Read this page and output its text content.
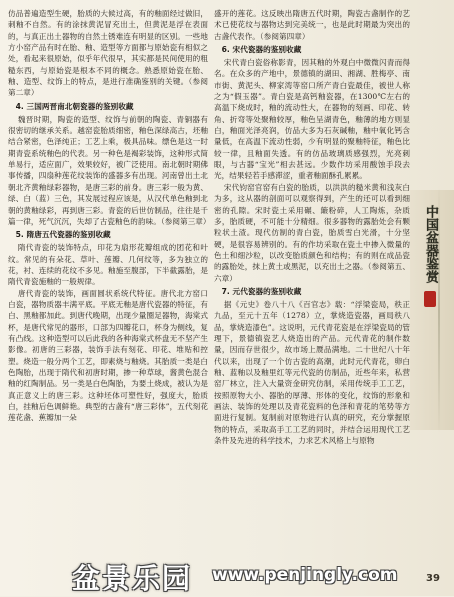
仿品普遍造型生硬，胎质的大候过高，有的釉面经过做旧，刺釉不自然。有的涂抹黄泥冒充出土，但黄泥是浮在表面的，与真正出土器物的自然土锈难连有明显的区别。一些地方小窑产品有时在胎、釉、造型等方面都与原始瓷有相似之处，看起来很原始，似乎年代很早，其实都是民间使用的粗糙东西，与原始瓷是根本不同的概念。熟悉原始瓷在胎、釉、造型、纹饰上的特点，是进行准确鉴别的关键。（参阅第二章）

4. 三国两晋南北朝瓷器的鉴别收藏

魏晋时期，陶瓷的造型、纹饰与前朝的陶瓷、青铜器有很密切的继承关系。越窑瓷胎质细密，釉色深绿高古，坯釉结合紧密，色泽纯正；工艺上乘，极具品味。缥色是这一时期青瓷系统釉色的代表。另一种色是褐彩装饰，这种形式简单易行，适应面广，效果较好，被广泛使用。南北朝时期佛事传播，四扇种莲花纹装饰的盛器多有出现。河南曾出土北朝北齐黄釉绿彩器物，是唐三彩的前身。唐三彩一般为黄、绿、白（蓝）三色，其发展过程应该是，从汉代单色釉到北朝的黄釉绿彩，再到唐三彩。青瓷的后世仿制品，往往是千篇一律，死气沉沉，失却了古瓷釉色的韵味。（参阅第三章）

5. 隋唐五代瓷器的鉴别收藏

隋代青瓷的装饰特点，印花为扇形花瓣组成的团花和叶纹。常见的有朵花、草叶、莲瓣、几何纹等，多为独立的花，衬、连续的花纹不多见。釉施至腹部，下半截露胎，是隋代青瓷施釉的一般规律。

唐代青瓷的装饰，画面圆状系统代特征。唐代北方窑口白瓷，器物质器丰满平底。平底无釉是唐代瓷器的特征，有白、黑釉都加此。到唐代晚期，出现少量圈足器物，海棠式杯，是唐代常见的器形，口部为四瓣花口，杯身为侧线，复有凸线。这种造型可以后此我的各种海棠式杯盘无不坚产生影像。初唐的三彩器，装饰手法有刻花、印花、堆贴和控塑。烧造一般分两个工艺，即素烧与釉烧。其胎质一类是白色陶胎，出现于隋代和初唐时期，掺一种草球，酱黄色混合釉的红陶制品。另一类是白色陶胎，为要土烧成，被认为是真正意义上的唐三彩。这种坯体可塑性好，强度大，胎质白，挂釉后色调鲜艳。典型的古盏有“唐三彩体”，五代刻花莲花盏、蕉瓣加一朵

盛开的莲花。这反映出隋唐五代时期，陶瓷古盏制作的艺术已使花纹与器物达到完美统一，也是此时期最为突出的古盏代表作。（参阅第四章）

6. 宋代瓷器的鉴别收藏

宋代青白瓷俗称影青，因其釉的外观白中微微闪青而得名。在众多的产地中，景德镇的湖田、湘湖、胜梅亭、南市街、黄泥头、柳家湾等窑口所产青白瓷最佳，被世人称之为“假玉器”。青白瓷是高钙釉瓷器，在1300℃左右的高温下烧成时，釉的流动性大，在器物的刻画、印花、转角、折弯等处聚釉较厚，釉色呈湖青色，釉薄的地方则显白，釉面光泽亮润，仿品大多为石灰碱釉，釉中氧化钙含量低，在高温下流动性弱，少有明显的聚釉特征，釉色比较一律，且釉面失透。有的仿品玻璃质感强烈，光亮刺眼，与古器“宝光”相去甚远。少数作坊采用酸蚀手段去光，结果轻若手感滞涩，重者釉面酥孔累累。

宋代钧窑官窑有白瓷的胎质，以洪洪的糙米黄和浅灰白为多，这从器的剖面可以观察得到，产生的还可以看到细密的孔隙。宋时瓷土采用碾、簸粉碎，人工陶炼，杂质多，胎质硬，不可能十分精细。很多器物的露胎处会有颗粒状土渣。现代仿制的青白瓷，胎质雪白光滑，十分坚硬，是很容易辨别的。有的作坊采取在瓷土中掺入微量的色土和细沙粒，以改变胎质颜色和结构；有的则在成品瓷的露胎处，抹上黄土或黑泥，以充出土之器。（参阅第五、六章）

7. 元代瓷器的鉴别收藏

据《元史》卷八十八《百官志》载：“浮梁瓷局，秩正九品，至元十五年（1278）立，掌烧造瓷器，画局秩八品，掌烧造漆色”。这说明，元代青花瓷是在浮梁瓷局的管理下，景德镇瓷艺人烧造出的产品。元代青花的制作数量，因而存世很少，故市场上赝品满地。二十世纪八十年代以来，出现了一个仿古瓷的高潮，此时元代青花，卵白釉、蓝釉以及釉里红等元代瓷的仿制品，近些年来，私营窑厂林立，注入大量资金研究仿制，采用传统手工工艺，按照原物大小、器胎的厚薄、形体的变化，纹饰的形象和画法、装饰的处理以及青花瓷料的色泽和青花的笔势等方面进行复制。复制前对原物进行认真的研究，充分掌握原物的特点，采取高手工工艺的同时，并结合运用现代工艺条件及先进的科学技术，力求艺术风格上与原物

中国盆器鉴赏
盆景乐园 www.penjingly.com	39
